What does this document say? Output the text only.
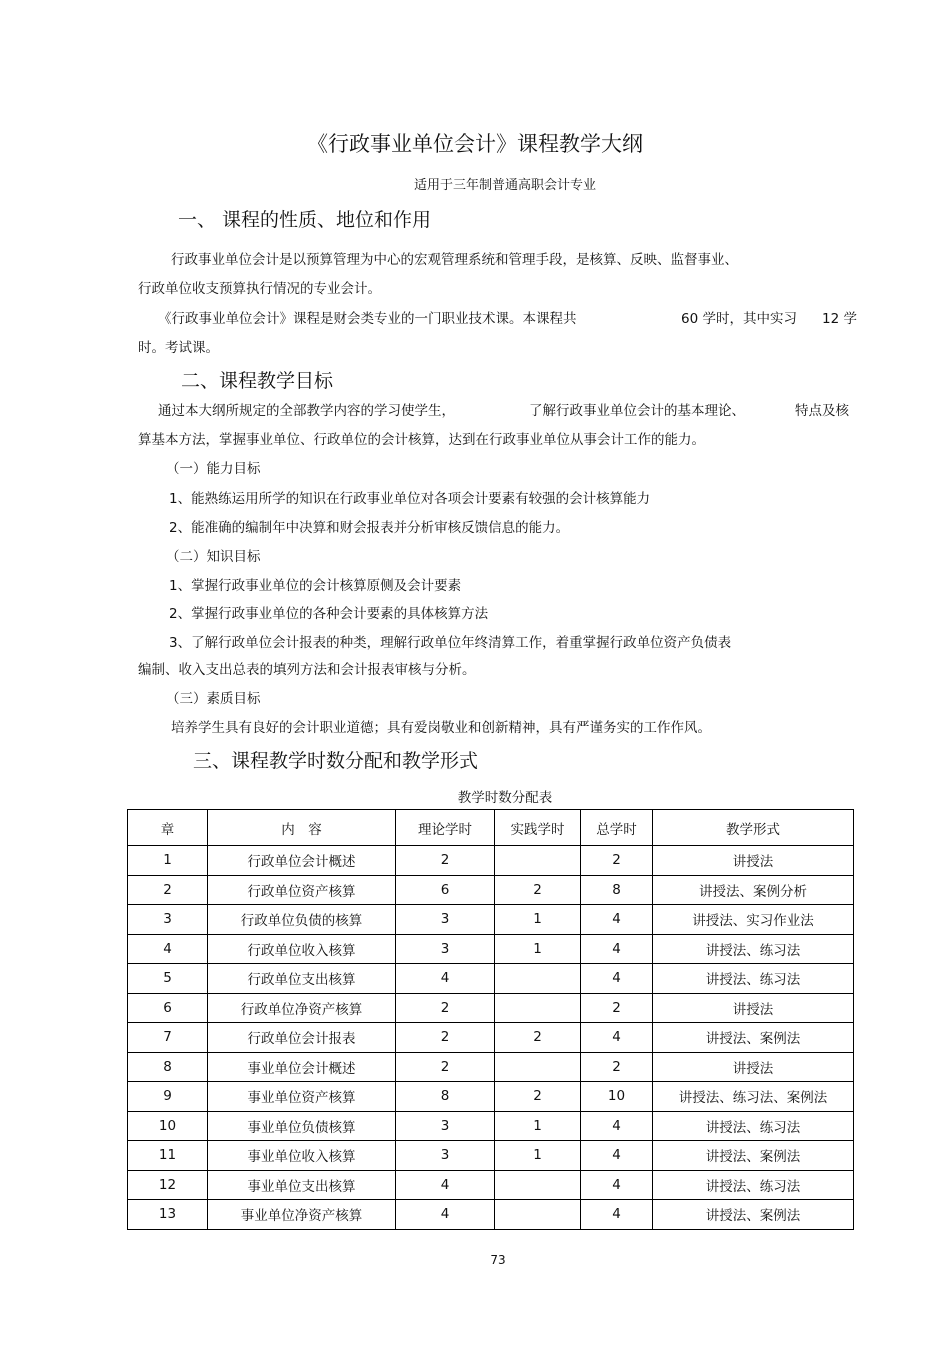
《行政事业单位会计》课程教学大纲
适用于三年制普通高职会计专业
一、 课程的性质、地位和作用
行政事业单位会计是以预算管理为中心的宏观管理系统和管理手段，是核算、反映、监督事业、
行政单位收支预算执行情况的专业会计。
《行政事业单位会计》课程是财会类专业的一门职业技术课。本课程共	60 学时，其中实习 12 学
时。考试课。
二、课程教学目标
通过本大纲所规定的全部教学内容的学习使学生，	了解行政事业单位会计的基本理论、	特点及核
算基本方法，掌握事业单位、行政单位的会计核算，达到在行政事业单位从事会计工作的能力。
（一）能力目标
1、能熟练运用所学的知识在行政事业单位对各项会计要素有较强的会计核算能力
2、能准确的编制年中决算和财会报表并分析审核反馈信息的能力。
（二）知识目标
1、掌握行政事业单位的会计核算原侧及会计要素
2、掌握行政事业单位的各种会计要素的具体核算方法
3、了解行政单位会计报表的种类，理解行政单位年终清算工作，着重掌握行政单位资产负债表
编制、收入支出总表的填列方法和会计报表审核与分析。
（三）素质目标
培养学生具有良好的会计职业道德；具有爱岗敬业和创新精神，具有严谨务实的工作作风。
三、课程教学时数分配和教学形式
教学时数分配表
章	内　容	理论学时	实践学时	总学时	教学形式
1	行政单位会计概述	2		2	讲授法
2	行政单位资产核算	6	2	8	讲授法、案例分析
3	行政单位负债的核算	3	1	4	讲授法、实习作业法
4	行政单位收入核算	3	1	4	讲授法、练习法
5	行政单位支出核算	4		4	讲授法、练习法
6	行政单位净资产核算	2		2	讲授法
7	行政单位会计报表	2	2	4	讲授法、案例法
8	事业单位会计概述	2		2	讲授法
9	事业单位资产核算	8	2	10	讲授法、练习法、案例法
10	事业单位负债核算	3	1	4	讲授法、练习法
11	事业单位收入核算	3	1	4	讲授法、案例法
12	事业单位支出核算	4		4	讲授法、练习法
13	事业单位净资产核算	4		4	讲授法、案例法
73
